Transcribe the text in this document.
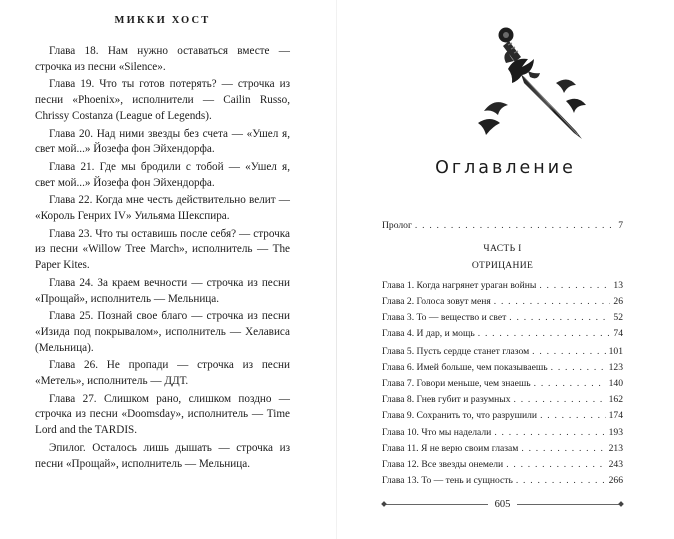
МИККИ ХОСТ
Глава 18. Нам нужно оставаться вместе — строчка из песни «Silence».
Глава 19. Что ты готов потерять? — строчка из песни «Phoenix», исполнители — Cailin Russo, Chrissy Costanza (League of Legends).
Глава 20. Над ними звезды без счета — «Ушел я, свет мой...» Йозефа фон Эйхендорфа.
Глава 21. Где мы бродили с тобой — «Ушел я, свет мой...» Йозефа фон Эйхендорфа.
Глава 22. Когда мне честь действительно велит — «Король Генрих IV» Уильяма Шекспира.
Глава 23. Что ты оставишь после себя? — строчка из песни «Willow Tree March», исполнитель — The Paper Kites.
Глава 24. За краем вечности — строчка из песни «Прощай», исполнитель — Мельница.
Глава 25. Познай свое благо — строчка из песни «Изида под покрывалом», исполнитель — Хелависа (Мельница).
Глава 26. Не пропади — строчка из песни «Метель», исполнитель — ДДТ.
Глава 27. Слишком рано, слишком поздно — строчка из песни «Doomsday», исполнитель — Time Lord and the TARDIS.
Эпилог. Осталось лишь дышать — строчка из песни «Прощай», исполнитель — Мельница.
Оглавление
Пролог . . .	7
ЧАСТЬ I
ОТРИЦАНИЕ
Глава 1. Когда нагрянет ураган войны . . .	13
Глава 2. Голоса зовут меня . . .	26
Глава 3. То — вещество и свет . . .	52
Глава 4. И дар, и мощь . . .	74
Глава 5. Пусть сердце станет глазом . . .	101
Глава 6. Имей больше, чем показываешь . . .	123
Глава 7. Говори меньше, чем знаешь . . .	140
Глава 8. Гнев губит и разумных . . .	162
Глава 9. Сохранить то, что разрушили . . .	174
Глава 10. Что мы наделали . . .	193
Глава 11. Я не верю своим глазам . . .	213
Глава 12. Все звезды онемели . . .	243
Глава 13. То — тень и сущность . . .	266
605
